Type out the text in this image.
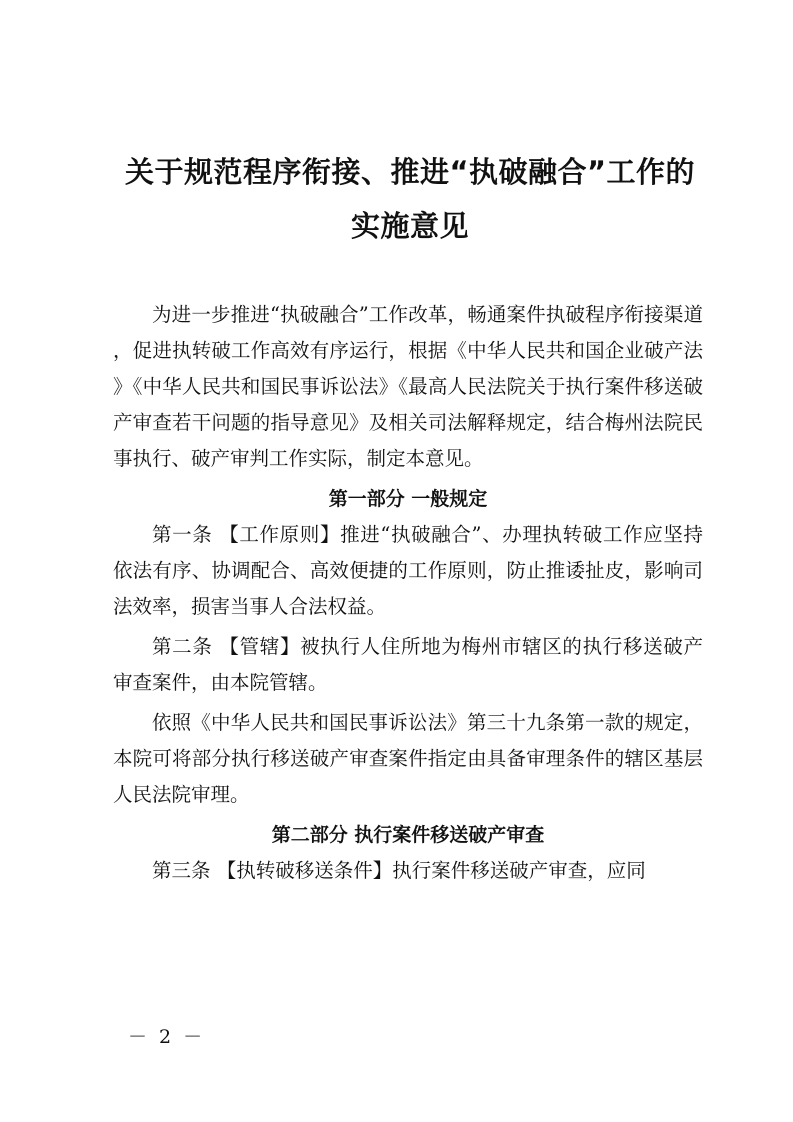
关于规范程序衔接、推进“执破融合”工作的
实施意见

为进一步推进“执破融合”工作改革，畅通案件执破程序衔接渠道，促进执转破工作高效有序运行，根据《中华人民共和国企业破产法》《中华人民共和国民事诉讼法》《最高人民法院关于执行案件移送破产审查若干问题的指导意见》及相关司法解释规定，结合梅州法院民事执行、破产审判工作实际，制定本意见。

第一部分 一般规定

第一条 【工作原则】推进“执破融合”、办理执转破工作应坚持依法有序、协调配合、高效便捷的工作原则，防止推诿扯皮，影响司法效率，损害当事人合法权益。

第二条 【管辖】被执行人住所地为梅州市辖区的执行移送破产审查案件，由本院管辖。

依照《中华人民共和国民事诉讼法》第三十九条第一款的规定，本院可将部分执行移送破产审查案件指定由具备审理条件的辖区基层人民法院审理。

第二部分 执行案件移送破产审查

第三条 【执转破移送条件】执行案件移送破产审查，应同

－ 2 －
